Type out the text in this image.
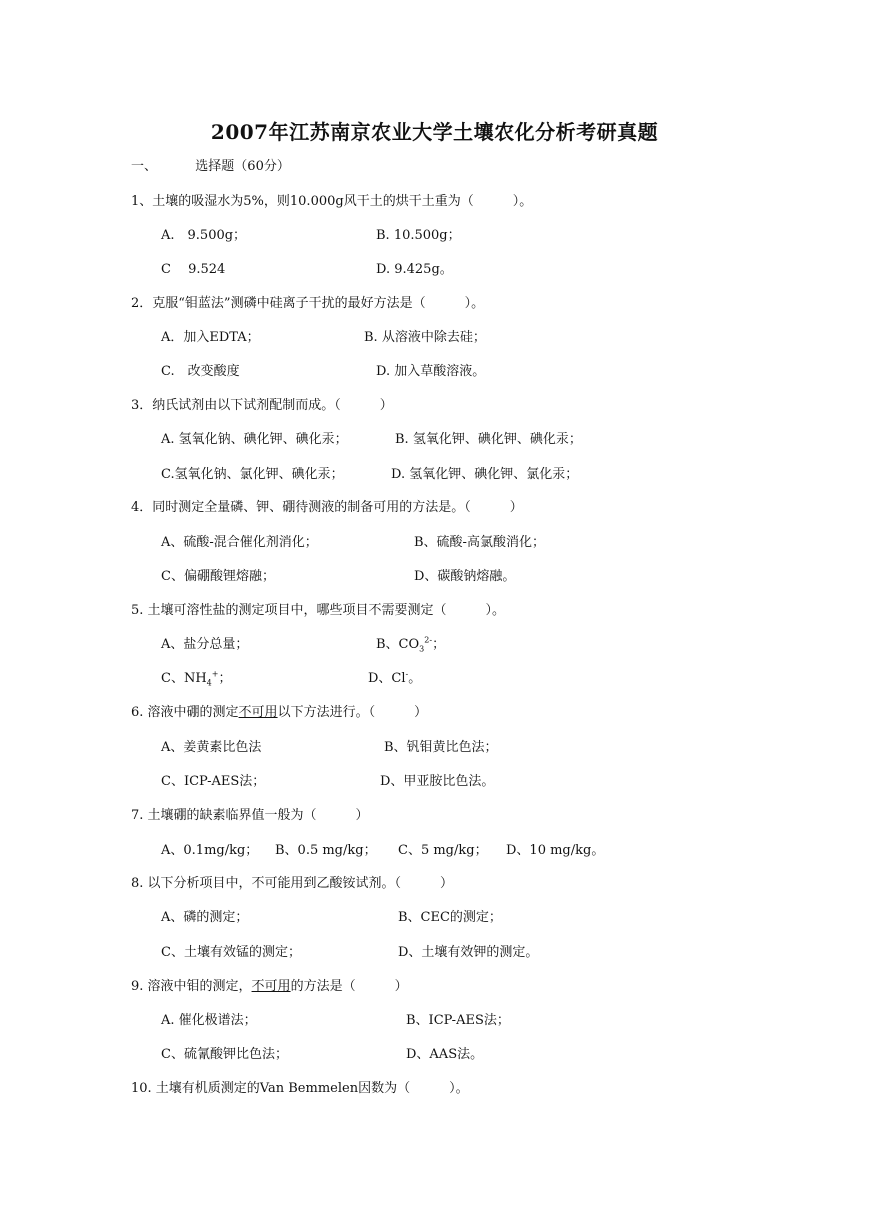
2007年江苏南京农业大学土壤农化分析考研真题
一、	选择题（60分）
1、土壤的吸湿水为5%，则10.000g风干土的烘干土重为（　　　）。
A.　9.500g；	B. 10.500g；
C　 9.524	D. 9.425g。
2．克服“钼蓝法”测磷中硅离子干扰的最好方法是（　　　）。
A．加入EDTA；	B. 从溶液中除去硅；
C.　改变酸度	D. 加入草酸溶液。
3．纳氏试剂由以下试剂配制而成。（　　　）
A. 氢氧化钠、碘化钾、碘化汞；	B. 氢氧化钾、碘化钾、碘化汞；
C.氢氧化钠、氯化钾、碘化汞；	D. 氢氧化钾、碘化钾、氯化汞；
4．同时测定全量磷、钾、硼待测液的制备可用的方法是。（　　　）
A、硫酸-混合催化剂消化；	B、硫酸-高氯酸消化；
C、偏硼酸锂熔融；	D、碳酸钠熔融。
5. 土壤可溶性盐的测定项目中，哪些项目不需要测定（　　　）。
A、盐分总量；	B、$CO_3^{2-}$；
C、$NH_4^+$；	D、Cl-。
6. 溶液中硼的测定不可用以下方法进行。（　　　）
A、姜黄素比色法	B、钒钼黄比色法；
C、ICP-AES法；	D、甲亚胺比色法。
7. 土壤硼的缺素临界值一般为（　　　）
A、0.1mg/kg； B、0.5 mg/kg； C、5 mg/kg； D、10 mg/kg。
8. 以下分析项目中，不可能用到乙酸铵试剂。（　　　）
A、磷的测定；	B、CEC的测定；
C、土壤有效锰的测定；	D、土壤有效钾的测定。
9. 溶液中钼的测定，不可用的方法是（　　　）
A. 催化极谱法；	B、ICP-AES法；
C、硫氰酸钾比色法；	D、AAS法。
10. 土壤有机质测定的Van Bemmelen因数为（　　　）。
